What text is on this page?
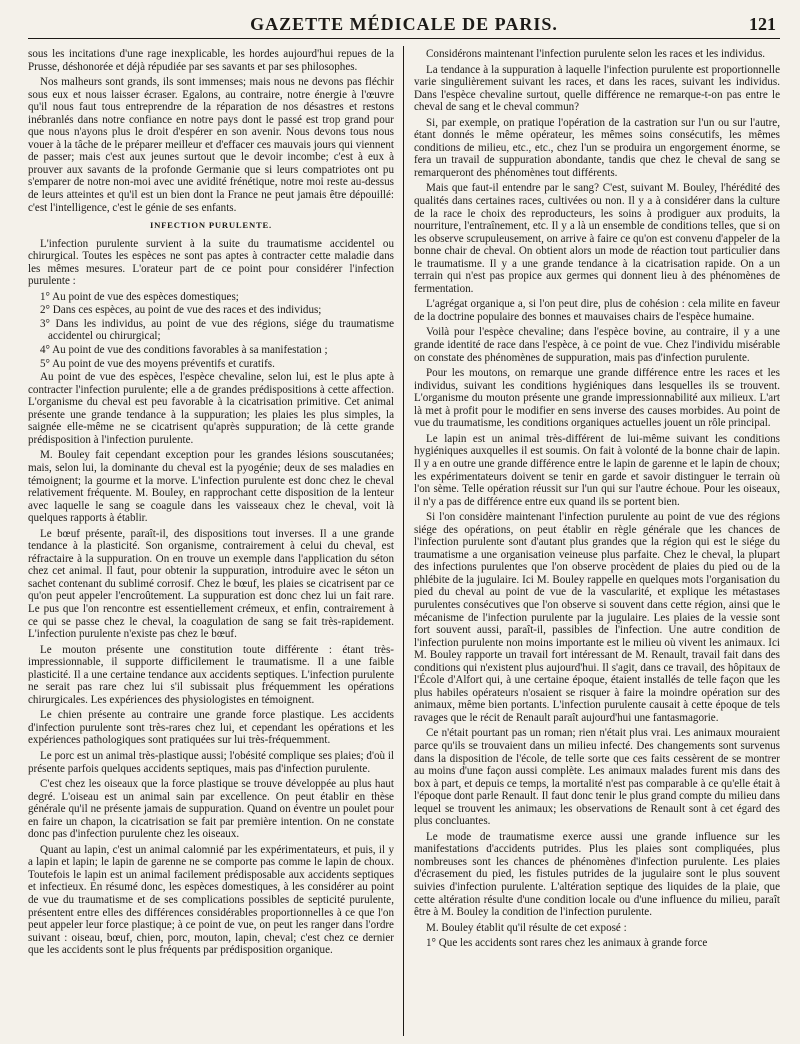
GAZETTE MÉDICALE DE PARIS.	121

sous les incitations d'une rage inexplicable, les hordes aujourd'hui repues de la Prusse, déshonorée et déjà répudiée par ses savants et par ses philosophes.

Nos malheurs sont grands, ils sont immenses; mais nous ne devons pas fléchir sous eux et nous laisser écraser. Egalons, au contraire, notre énergie à l'œuvre qu'il nous faut tous entreprendre de la réparation de nos désastres et restons inébranlés dans notre confiance en notre pays dont le passé est trop grand pour que nous n'ayons plus le droit d'espérer en son avenir. Nous devons tous nous vouer à la tâche de le préparer meilleur et d'effacer ces mauvais jours qui viennent de passer; mais c'est aux jeunes surtout que le devoir incombe; c'est à eux à prouver aux savants de la profonde Germanie que si leurs compatriotes ont pu s'emparer de notre non-moi avec une avidité frénétique, notre moi reste au-dessus de leurs atteintes et qu'il est un bien dont la France ne peut jamais être dépouillé: c'est l'intelligence, c'est le génie de ses enfants.

INFECTION PURULENTE.

L'infection purulente survient à la suite du traumatisme accidentel ou chirurgical. Toutes les espèces ne sont pas aptes à contracter cette maladie dans les mêmes mesures. L'orateur part de ce point pour considérer l'infection purulente :

1° Au point de vue des espèces domestiques;
2° Dans ces espèces, au point de vue des races et des individus;
3° Dans les individus, au point de vue des régions, siége du traumatisme accidentel ou chirurgical;
4° Au point de vue des conditions favorables à sa manifestation ;
5° Au point de vue des moyens préventifs et curatifs.

Au point de vue des espèces, l'espèce chevaline, selon lui, est le plus apte à contracter l'infection purulente; elle a de grandes prédispositions à cette affection. L'organisme du cheval est peu favorable à la cicatrisation primitive. Cet animal présente une grande tendance à la suppuration; les plaies les plus simples, la saignée elle-même ne se cicatrisent qu'après suppuration; de là cette grande prédisposition à l'infection purulente.

M. Bouley fait cependant exception pour les grandes lésions souscutanées; mais, selon lui, la dominante du cheval est la pyogénie; deux de ses maladies en témoignent; la gourme et la morve. L'infection purulente est donc chez le cheval relativement fréquente. M. Bouley, en rapprochant cette disposition de la lenteur avec laquelle le sang se coagule dans les vaisseaux chez le cheval, voit là quelques rapports à établir.

Le bœuf présente, paraît-il, des dispositions tout inverses. Il a une grande tendance à la plasticité. Son organisme, contrairement à celui du cheval, est réfractaire à la suppuration. On en trouve un exemple dans l'application du séton chez cet animal. Il faut, pour obtenir la suppuration, introduire avec le séton un sachet contenant du sublimé corrosif. Chez le bœuf, les plaies se cicatrisent par ce qu'on peut appeler l'encroûtement. La suppuration est donc chez lui un fait rare. Le pus que l'on rencontre est essentiellement crémeux, et enfin, contrairement à ce qui se passe chez le cheval, la coagulation de sang se fait très-rapidement. L'infection purulente n'existe pas chez le bœuf.

Le mouton présente une constitution toute différente : étant très-impressionnable, il supporte difficilement le traumatisme. Il a une faible plasticité. Il a une certaine tendance aux accidents septiques. L'infection purulente ne serait pas rare chez lui s'il subissait plus fréquemment les opérations chirurgicales. Les expériences des physiologistes en témoignent.

Le chien présente au contraire une grande force plastique. Les accidents d'infection purulente sont très-rares chez lui, et cependant les opérations et les expériences pathologiques sont pratiquées sur lui très-fréquemment.

Le porc est un animal très-plastique aussi; l'obésité complique ses plaies; d'où il présente parfois quelques accidents septiques, mais pas d'infection purulente.

C'est chez les oiseaux que la force plastique se trouve développée au plus haut degré. L'oiseau est un animal sain par excellence. On peut établir en thèse générale qu'il ne présente jamais de suppuration. Quand on éventre un poulet pour en faire un chapon, la cicatrisation se fait par première intention. On ne constate donc pas d'infection purulente chez les oiseaux.

Quant au lapin, c'est un animal calomnié par les expérimentateurs, et puis, il y a lapin et lapin; le lapin de garenne ne se comporte pas comme le lapin de choux. Toutefois le lapin est un animal facilement prédisposable aux accidents septiques et infectieux. En résumé donc, les espèces domestiques, à les considérer au point de vue du traumatisme et de ses complications possibles de septicité purulente, présentent entre elles des différences considérables proportionnelles à ce que l'on peut appeler leur force plastique; à ce point de vue, on peut les ranger dans l'ordre suivant : oiseau, bœuf, chien, porc, mouton, lapin, cheval; c'est chez ce dernier que les accidents sont le plus fréquents par prédisposition organique.

Considérons maintenant l'infection purulente selon les races et les individus.

La tendance à la suppuration à laquelle l'infection purulente est proportionnelle varie singulièrement suivant les races, et dans les races, suivant les individus. Dans l'espèce chevaline surtout, quelle différence ne remarque-t-on pas entre le cheval de sang et le cheval commun?

Si, par exemple, on pratique l'opération de la castration sur l'un ou sur l'autre, étant donnés le même opérateur, les mêmes soins consécutifs, les mêmes conditions de milieu, etc., etc., chez l'un se produira un engorgement énorme, se fera un travail de suppuration abondante, tandis que chez le cheval de sang se remarqueront des phénomènes tout différents.

Mais que faut-il entendre par le sang? C'est, suivant M. Bouley, l'hérédité des qualités dans certaines races, cultivées ou non. Il y a à considérer dans la culture de la race le choix des reproducteurs, les soins à prodiguer aux produits, la nourriture, l'entraînement, etc. Il y a là un ensemble de conditions telles, que si on les observe scrupuleusement, on arrive à faire ce qu'on est convenu d'appeler de la bonne chair de cheval. On obtient alors un mode de réaction tout particulier dans le traumatisme. Il y a une grande tendance à la cicatrisation rapide. On a un terrain qui n'est pas propice aux germes qui donnent lieu à des phénomènes de fermentation.

L'agrégat organique a, si l'on peut dire, plus de cohésion : cela milite en faveur de la doctrine populaire des bonnes et mauvaises chairs de l'espèce humaine.

Voilà pour l'espèce chevaline; dans l'espèce bovine, au contraire, il y a une grande identité de race dans l'espèce, à ce point de vue. Chez l'individu misérable on constate des phénomènes de suppuration, mais pas d'infection purulente.

Pour les moutons, on remarque une grande différence entre les races et les individus, suivant les conditions hygiéniques dans lesquelles ils se trouvent. L'organisme du mouton présente une grande impressionnabilité aux milieux. L'art là met à profit pour le modifier en sens inverse des causes morbides. Au point de vue du traumatisme, les conditions organiques actuelles jouent un rôle principal.

Le lapin est un animal très-différent de lui-même suivant les conditions hygiéniques auxquelles il est soumis. On fait à volonté de la bonne chair de lapin. Il y a en outre une grande différence entre le lapin de garenne et le lapin de choux; les expérimentateurs doivent se tenir en garde et savoir distinguer le terrain où l'on sème. Telle opération réussit sur l'un qui sur l'autre échoue. Pour les oiseaux, il n'y a pas de différence entre eux quand ils se portent bien.

Si l'on considère maintenant l'infection purulente au point de vue des régions siége des opérations, on peut établir en règle générale que les chances de l'infection purulente sont d'autant plus grandes que la région qui est le siége du traumatisme a une organisation veineuse plus parfaite. Chez le cheval, la plupart des infections purulentes que l'on observe procèdent de plaies du pied ou de la phlébite de la jugulaire. Ici M. Bouley rappelle en quelques mots l'organisation du pied du cheval au point de vue de la vascularité, et explique les métastases purulentes consécutives que l'on observe si souvent dans cette région, ainsi que le mécanisme de l'infection purulente par la jugulaire. Les plaies de la vessie sont fort souvent aussi, paraît-il, passibles de l'infection. Une autre condition de l'infection purulente non moins importante est le milieu où vivent les animaux. Ici M. Bouley rapporte un travail fort intéressant de M. Renault, travail fait dans des conditions qui n'existent plus aujourd'hui. Il s'agit, dans ce travail, des hôpitaux de l'École d'Alfort qui, à une certaine époque, étaient installés de telle façon que les plus habiles opérateurs n'osaient se risquer à faire la moindre opération sur des animaux, même bien portants. L'infection purulente causait à cette époque de tels ravages que le récit de Renault paraît aujourd'hui une fantasmagorie.

Ce n'était pourtant pas un roman; rien n'était plus vrai. Les animaux mouraient parce qu'ils se trouvaient dans un milieu infecté. Des changements sont survenus dans la disposition de l'école, de telle sorte que ces faits cessèrent de se montrer au moins d'une façon aussi complète. Les animaux malades furent mis dans des box à part, et depuis ce temps, la mortalité n'est pas comparable à ce qu'elle était à l'époque dont parle Renault. Il faut donc tenir le plus grand compte du milieu dans lequel se trouvent les animaux; les observations de Renault sont à cet égard des plus concluantes.

Le mode de traumatisme exerce aussi une grande influence sur les manifestations d'accidents putrides. Plus les plaies sont compliquées, plus nombreuses sont les chances de phénomènes d'infection purulente. Les plaies d'écrasement du pied, les fistules putrides de la jugulaire sont le plus souvent suivies d'infection purulente. L'altération septique des liquides de la plaie, que cette altération résulte d'une condition locale ou d'une influence du milieu, paraît être à M. Bouley la condition de l'infection purulente.

M. Bouley établit qu'il résulte de cet exposé :

1° Que les accidents sont rares chez les animaux à grande force
